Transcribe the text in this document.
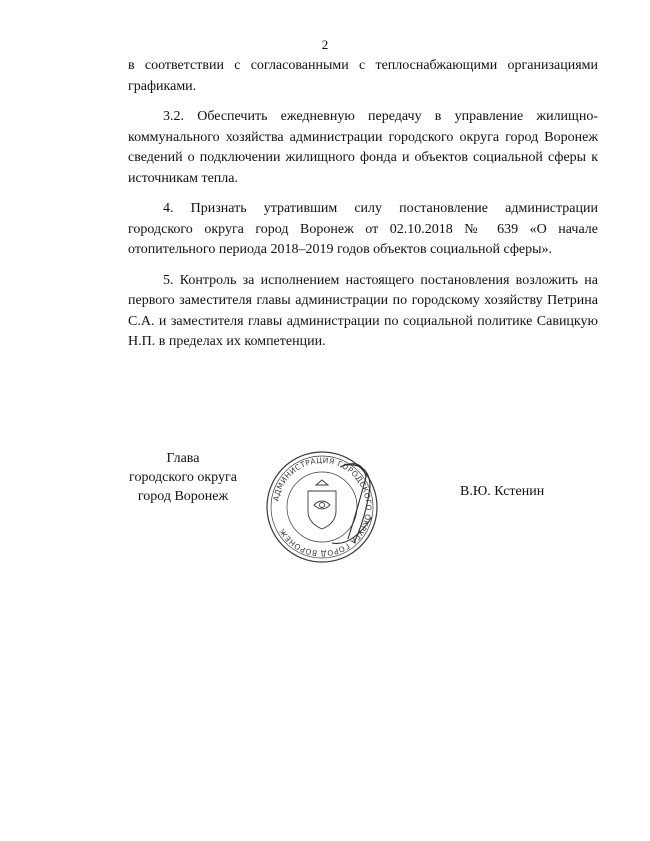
2

в соответствии с согласованными с теплоснабжающими организациями графиками.

3.2. Обеспечить ежедневную передачу в управление жилищно-коммунального хозяйства администрации городского округа город Воронеж сведений о подключении жилищного фонда и объектов социальной сферы к источникам тепла.

4. Признать утратившим силу постановление администрации городского округа город Воронеж от 02.10.2018 № 639 «О начале отопительного периода 2018–2019 годов объектов социальной сферы».

5. Контроль за исполнением настоящего постановления возложить на первого заместителя главы администрации по городскому хозяйству Петрина С.А. и заместителя главы администрации по социальной политике Савицкую Н.П. в пределах их компетенции.

Глава
городского округа
город Воронеж	АДМИНИСТРАЦИЯ ГОРОДСКОГО ОКРУГА ГОРОД ВОРОНЕЖ
В.Ю. Кстенин
